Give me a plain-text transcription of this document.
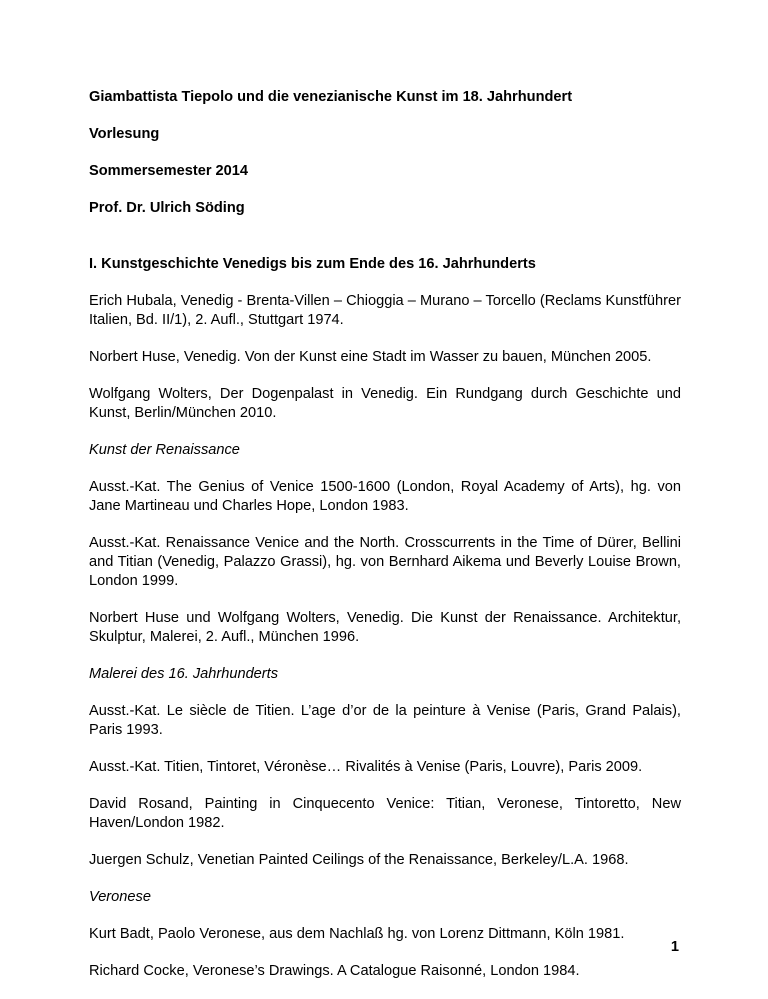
Giambattista Tiepolo und die venezianische Kunst im 18. Jahrhundert
Vorlesung
Sommersemester 2014
Prof. Dr. Ulrich Söding
I. Kunstgeschichte Venedigs bis zum Ende des 16. Jahrhunderts

Erich Hubala, Venedig - Brenta-Villen – Chioggia – Murano – Torcello (Reclams Kunstführer Italien, Bd. II/1), 2. Aufl., Stuttgart 1974.

Norbert Huse, Venedig. Von der Kunst eine Stadt im Wasser zu bauen, München 2005.

Wolfgang Wolters, Der Dogenpalast in Venedig. Ein Rundgang durch Geschichte und Kunst, Berlin/München 2010.

Kunst der Renaissance

Ausst.-Kat. The Genius of Venice 1500-1600 (London, Royal Academy of Arts), hg. von Jane Martineau und Charles Hope, London 1983.

Ausst.-Kat. Renaissance Venice and the North. Crosscurrents in the Time of Dürer, Bellini and Titian (Venedig, Palazzo Grassi), hg. von Bernhard Aikema und Beverly Louise Brown, London 1999.

Norbert Huse und Wolfgang Wolters, Venedig. Die Kunst der Renaissance. Architektur, Skulptur, Malerei, 2. Aufl., München 1996.

Malerei des 16. Jahrhunderts

Ausst.-Kat. Le siècle de Titien. L’age d’or de la peinture à Venise (Paris, Grand Palais), Paris 1993.

Ausst.-Kat. Titien, Tintoret, Véronèse… Rivalités à Venise (Paris, Louvre), Paris 2009.

David Rosand, Painting in Cinquecento Venice: Titian, Veronese, Tintoretto, New Haven/London 1982.

Juergen Schulz, Venetian Painted Ceilings of the Renaissance, Berkeley/L.A. 1968.

Veronese

Kurt Badt, Paolo Veronese, aus dem Nachlaß hg. von Lorenz Dittmann, Köln 1981.

Richard Cocke, Veronese’s Drawings. A Catalogue Raisonné, London 1984.

1
